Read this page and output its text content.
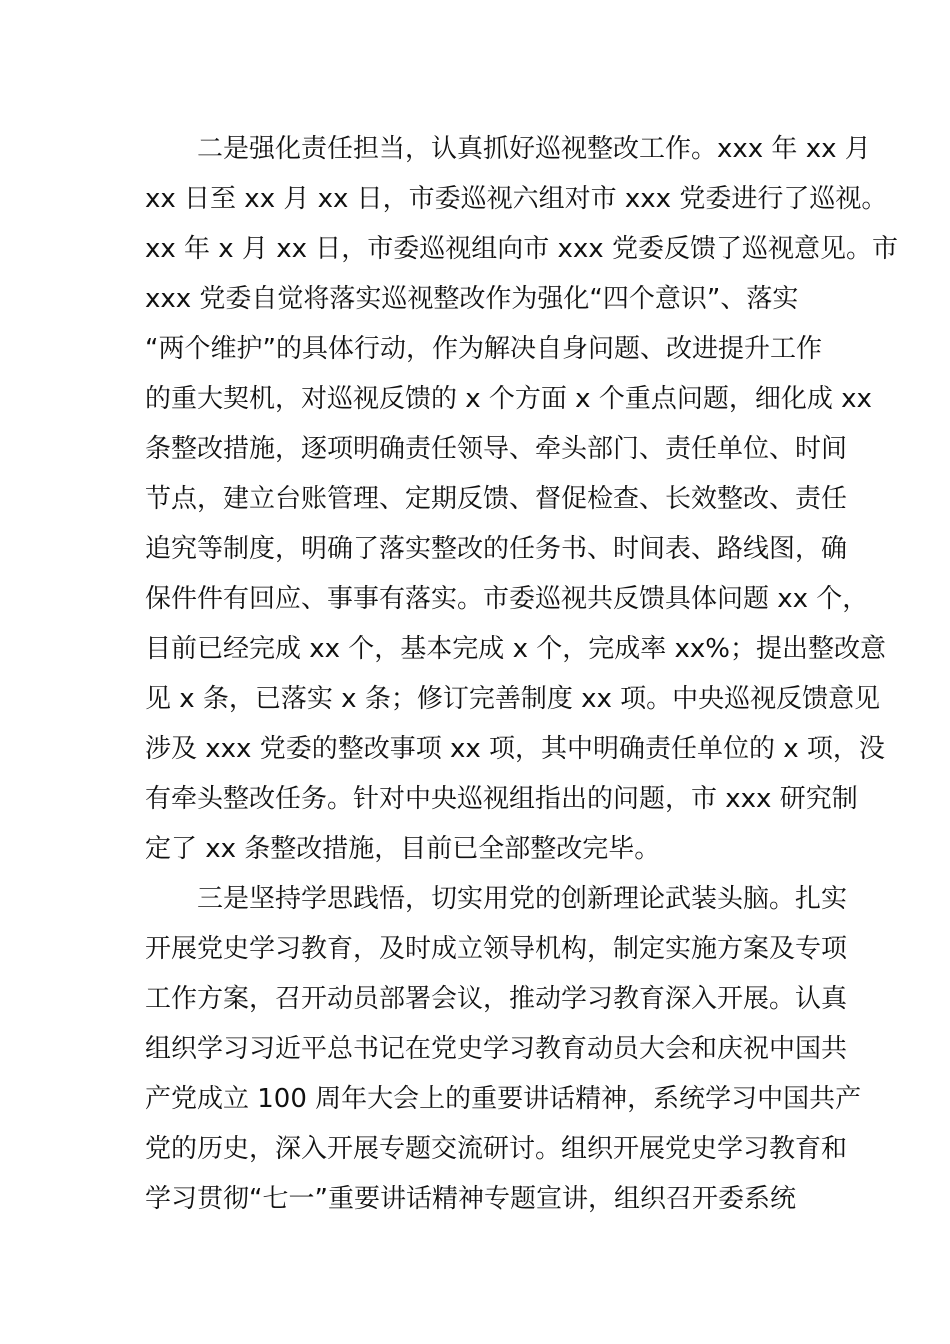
二是强化责任担当，认真抓好巡视整改工作。xxx 年 xx 月
xx 日至 xx 月 xx 日，市委巡视六组对市 xxx 党委进行了巡视。
xx 年 x 月 xx 日，市委巡视组向市 xxx 党委反馈了巡视意见。市
xxx 党委自觉将落实巡视整改作为强化“四个意识”、落实
“两个维护”的具体行动，作为解决自身问题、改进提升工作
的重大契机，对巡视反馈的 x 个方面 x 个重点问题，细化成 xx
条整改措施，逐项明确责任领导、牵头部门、责任单位、时间
节点，建立台账管理、定期反馈、督促检查、长效整改、责任
追究等制度，明确了落实整改的任务书、时间表、路线图，确
保件件有回应、事事有落实。市委巡视共反馈具体问题 xx 个，
目前已经完成 xx 个，基本完成 x 个，完成率 xx%；提出整改意
见 x 条，已落实 x 条；修订完善制度 xx 项。中央巡视反馈意见
涉及 xxx 党委的整改事项 xx 项，其中明确责任单位的 x 项，没
有牵头整改任务。针对中央巡视组指出的问题，市 xxx 研究制
定了 xx 条整改措施，目前已全部整改完毕。
三是坚持学思践悟，切实用党的创新理论武装头脑。扎实
开展党史学习教育，及时成立领导机构，制定实施方案及专项
工作方案，召开动员部署会议，推动学习教育深入开展。认真
组织学习习近平总书记在党史学习教育动员大会和庆祝中国共
产党成立 100 周年大会上的重要讲话精神，系统学习中国共产
党的历史，深入开展专题交流研讨。组织开展党史学习教育和
学习贯彻“七一”重要讲话精神专题宣讲，组织召开委系统
